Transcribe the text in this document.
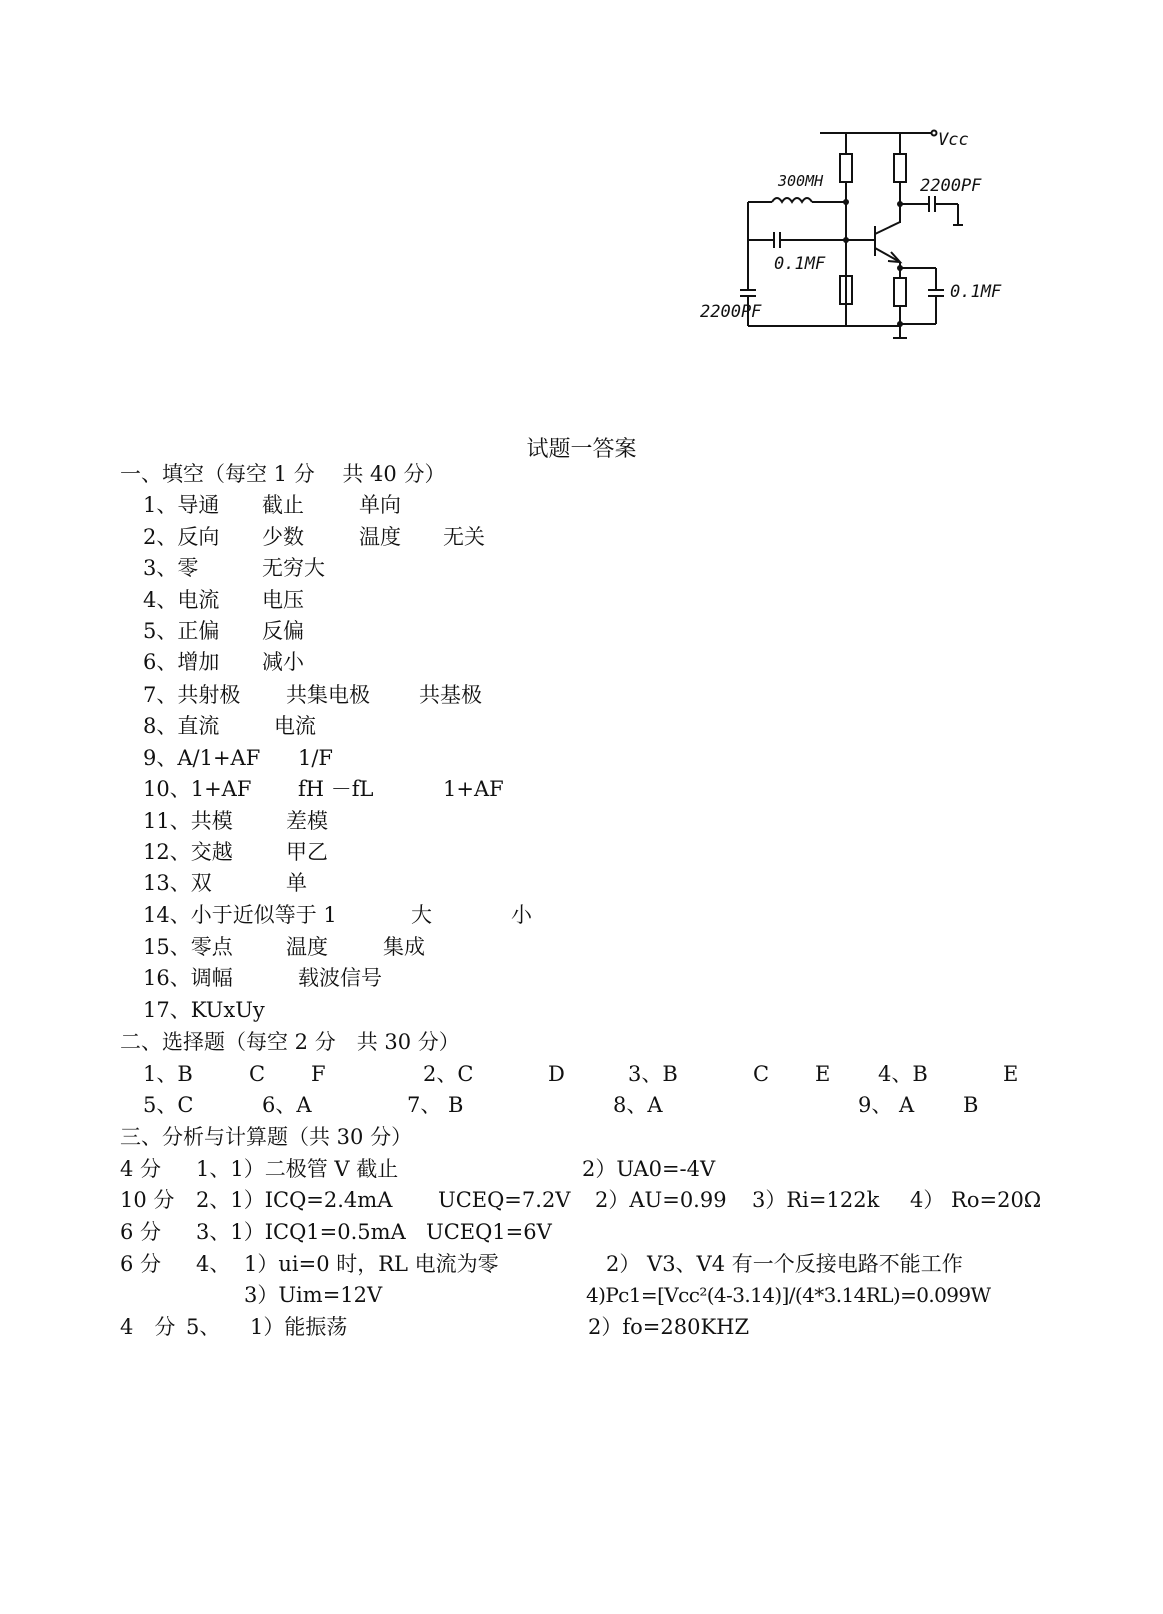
Vcc
300MH	2200PF
0.1MF
0.1MF
2200PF
试题一答案
一、填空（每空 1 分　 共 40 分）
1、导通 截止	单向
2、反向 少数	温度 无关
3、零	无穷大
4、电流 电压
5、正偏 反偏
6、增加 减小
7、共射极 共集电极 共基极
8、直流	电流
9、A/1+AF 1/F
10、1+AF fH －fL	1+AF
11、共模	差模
12、交越	甲乙
13、双	单
14、小于近似等于 1	大	小
15、零点	温度	集成
16、调幅	载波信号
17、KUxUy
二、选择题（每空 2 分　共 30 分）
1、B	C F	2、C	D	3、B	C E 4、B	E
5、C	6、A	7、 B	8、A	9、 A B
三、分析与计算题（共 30 分）
4 分 1、1）二极管 V 截止	2）UA0=-4V
10 分 2、1）ICQ=2.4mA UCEQ=7.2V 2）AU=0.99 3）Ri=122k 4） Ro=20Ω
6 分 3、1）ICQ1=0.5mA UCEQ1=6V
6 分 4、 1）ui=0 时，RL 电流为零	2） V3、V4 有一个反接电路不能工作
3）Uim=12V	4)Pc1=[Vcc²(4-3.14)]/(4*3.14RL)=0.099W
4　分 5、 1）能振荡	2）fo=280KHZ
